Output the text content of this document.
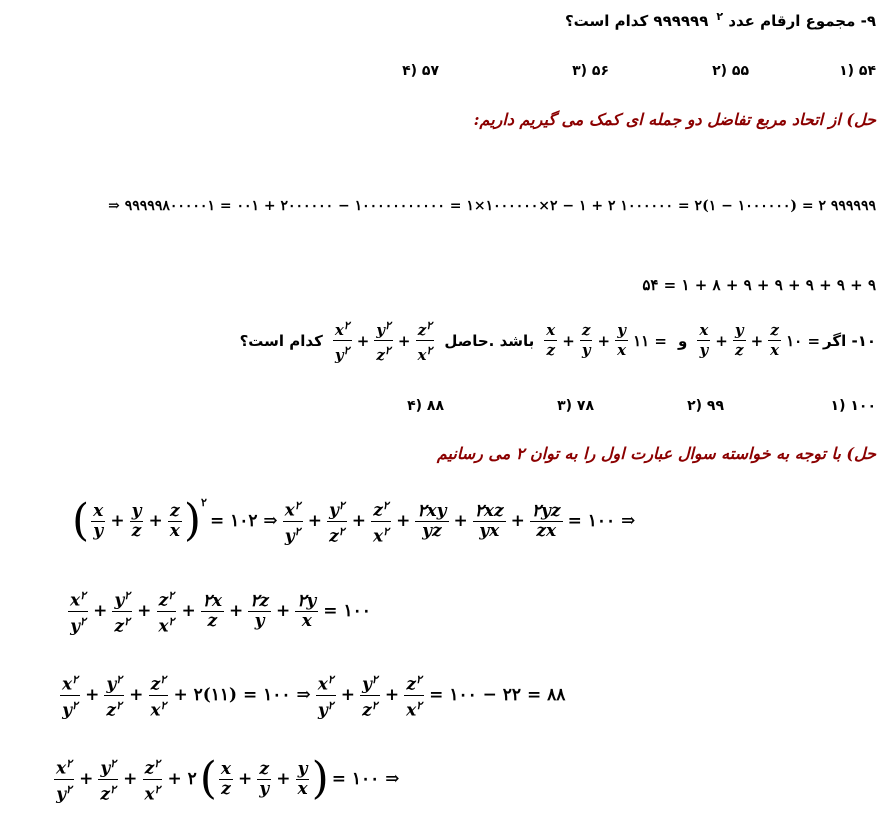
۹- مجموع ارقام عدد ۹۹۹۹۹۹ $^۲$ کدام است؟
۱) ۵۴
۲) ۵۵
۳) ۵۶
۴) ۵۷
حل) از اتحاد مربع تفاضل دو جمله ای کمک می گیریم داریم:
۹۹۹۹۹۹ ۲ = (۱۰۰۰۰۰۰ − ۱)۲ = ۱۰۰۰۰۰۰ ۲ + ۱ − ۲×۱۰۰۰۰۰۰×۱ = ۱۰۰۰۰۰۰۰۰۰۰۰ − ۲۰۰۰۰۰۰ + ۰۰۱ = ۹۹۹۹۹۸۰۰۰۰۰۱ ⇒
۹ + ۹ + ۹ + ۹ + ۹ + ۸ + ۱ = ۵۴
۱۰- اگر
= ۱۰
$\frac{x}{y} + \frac{y}{z} + \frac{z}{x}$
و
= ۱۱
$\frac{x}{z} + \frac{z}{y} + \frac{y}{x}$
باشد .حاصل
$\frac{x^۲}{y^۲} + \frac{y^۲}{z^۲} + \frac{z^۲}{x^۲}$
کدام است؟
۱) ۱۰۰
۲) ۹۹
۳) ۷۸
۴) ۸۸
حل) با توجه به خواسته سوال عبارت اول را به توان ۲ می رسانیم
( $\frac{x}{y} + \frac{y}{z} + \frac{z}{x} )^۲$
= ۱۰۲ ⇒ $\frac{x^۲}{y^۲} + \frac{y^۲}{z^۲} + \frac{z^۲}{x^۲} + \frac{۲xy}{yz} + \frac{۲xz}{yx} + \frac{۲yz}{zx}$ = ۱۰۰ ⇒
$\frac{x^۲}{y^۲} + \frac{y^۲}{z^۲} + \frac{z^۲}{x^۲} + \frac{۲x}{z} + \frac{۲z}{y} + \frac{۲y}{x}$ = ۱۰۰
$\frac{x^۲}{y^۲} + \frac{y^۲}{z^۲} + \frac{z^۲}{x^۲}$ + ۲(۱۱) = ۱۰۰ ⇒ $\frac{x^۲}{y^۲} + \frac{y^۲}{z^۲} + \frac{z^۲}{x^۲}$ = ۱۰۰ − ۲۲ = ۸۸
$\frac{x^۲}{y^۲} + \frac{y^۲}{z^۲} + \frac{z^۲}{x^۲}$ + ۲ ( $\frac{x}{z} + \frac{z}{y} + \frac{y}{x}$ ) = ۱۰۰ ⇒
